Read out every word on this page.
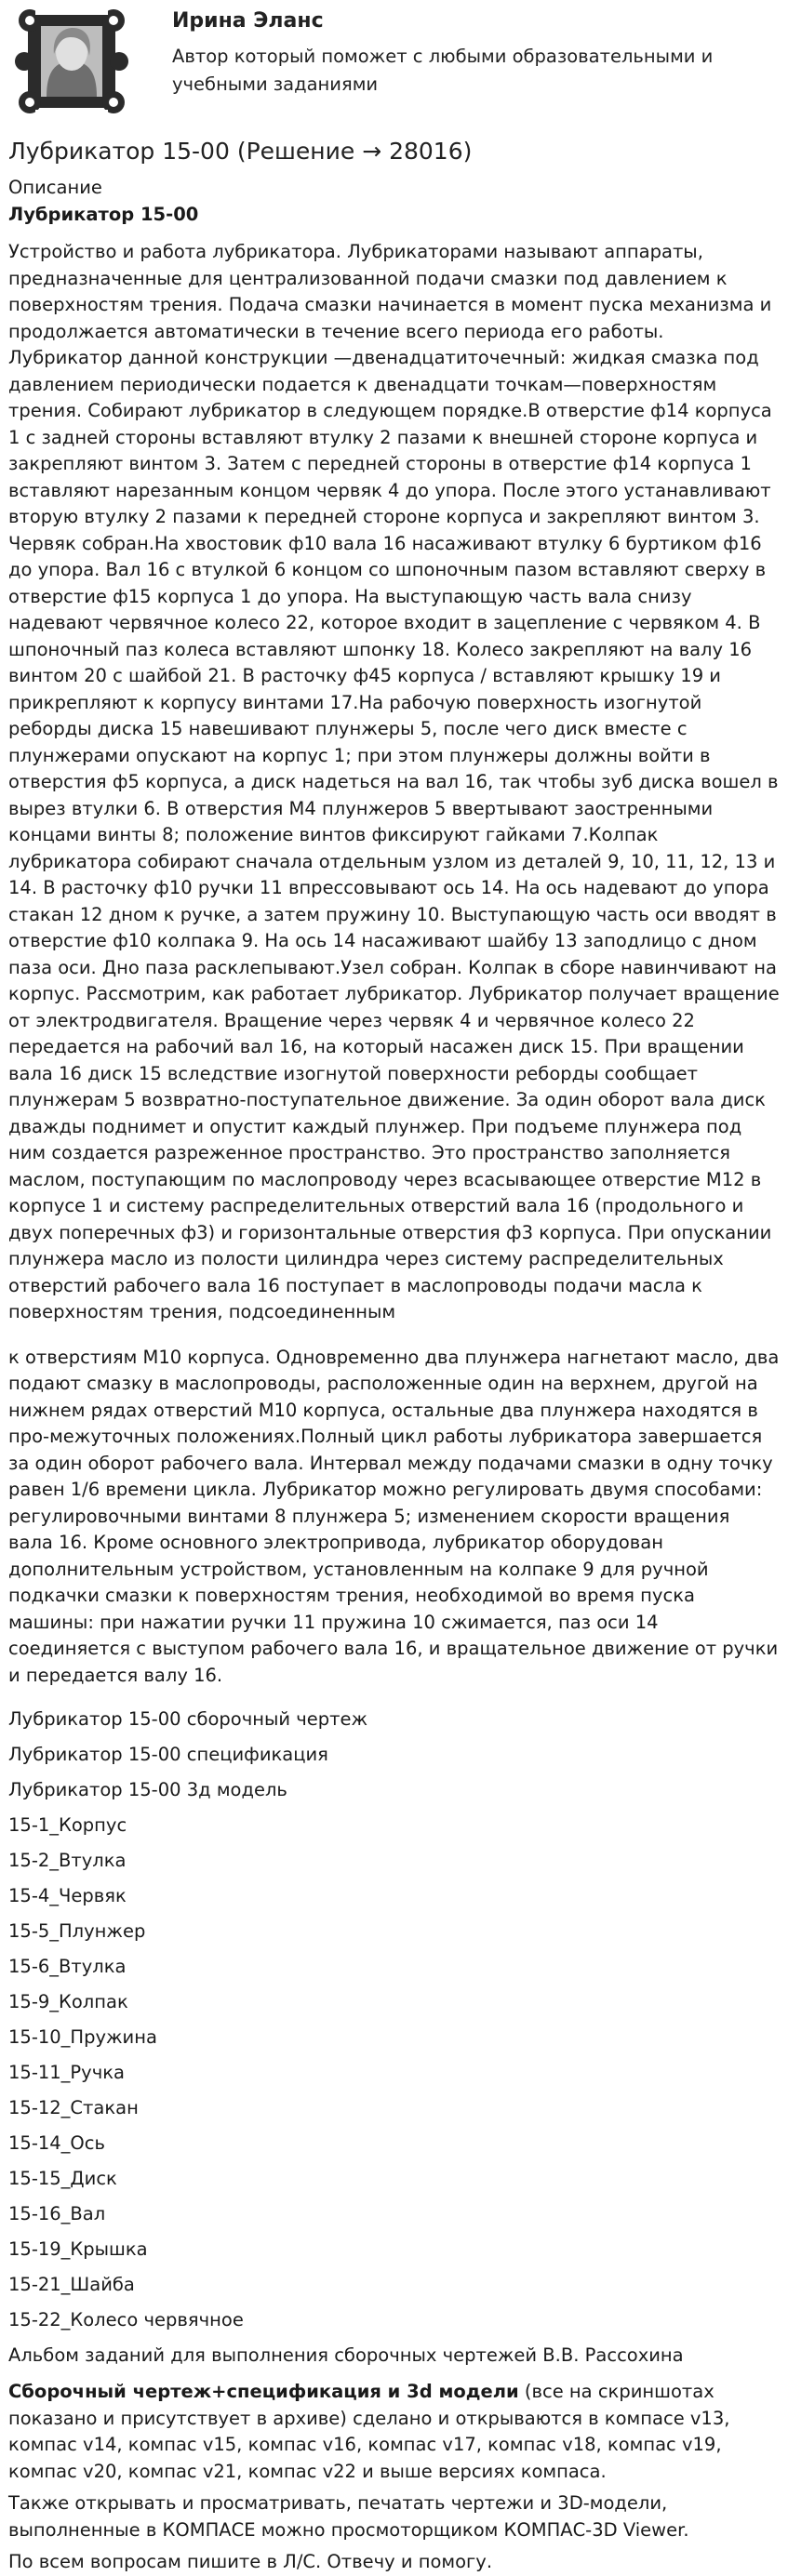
Ирина Эланс
Автор который поможет с любыми образовательными и учебными заданиями
Лубрикатор 15-00 (Решение → 28016)
Описание
Лубрикатор 15-00

Устройство и работа лубрикатора. Лубрикаторами называют аппараты, предназначенные для централизованной подачи смазки под давлением к поверхностям трения. Подача смазки начинается в момент пуска механизма и продолжается автоматически в течение всего периода его работы. Лубрикатор данной конструкции —двенадцатиточечный: жидкая смазка под давлением периодически подается к двенадцати точкам—поверхностям трения. Собирают лубрикатор в следующем порядке.В отверстие ф14 корпуса 1 с задней стороны вставляют втулку 2 пазами к внешней стороне корпуса и закрепляют винтом 3. Затем с передней стороны в отверстие ф14 корпуса 1 вставляют нарезанным концом червяк 4 до упора. После этого устанавливают вторую втулку 2 пазами к передней стороне корпуса и закрепляют винтом 3. Червяк собран.На хвостовик ф10 вала 16 насаживают втулку 6 буртиком ф16 до упора. Вал 16 с втулкой 6 концом со шпоночным пазом вставляют сверху в отверстие ф15 корпуса 1 до упора. На выступающую часть вала снизу надевают червячное колесо 22, которое входит в зацепление с червяком 4. В шпоночный паз колеса вставляют шпонку 18. Колесо закрепляют на валу 16 винтом 20 с шайбой 21. В расточку ф45 корпуса / вставляют крышку 19 и прикрепляют к корпусу винтами 17.На рабочую поверхность изогнутой реборды диска 15 навешивают плунжеры 5, после чего диск вместе с плунжерами опускают на корпус 1; при этом плунжеры должны войти в отверстия ф5 корпуса, а диск надеться на вал 16, так чтобы зуб диска вошел в вырез втулки 6. В отверстия М4 плунжеров 5 ввертывают заостренными концами винты 8; положение винтов фиксируют гайками 7.Колпак лубрикатора собирают сначала отдельным узлом из деталей 9, 10, 11, 12, 13 и 14. В расточку ф10 ручки 11 впрессовывают ось 14. На ось надевают до упора стакан 12 дном к ручке, а затем пружину 10. Выступающую часть оси вводят в отверстие ф10 колпака 9. На ось 14 насаживают шайбу 13 заподлицо с дном паза оси. Дно паза расклепывают.Узел собран. Колпак в сборе навинчивают на корпус. Рассмотрим, как работает лубрикатор. Лубрикатор получает вращение от электродвигателя. Вращение через червяк 4 и червячное колесо 22 передается на рабочий вал 16, на который насажен диск 15. При вращении вала 16 диск 15 вследствие изогнутой поверхности реборды сообщает плунжерам 5 возвратно-поступательное движение. За один оборот вала диск дважды поднимет и опустит каждый плунжер. При подъеме плунжера под ним создается разреженное пространство. Это пространство заполняется маслом, поступающим по маслопроводу через всасывающее отверстие М12 в корпусе 1 и систему распределительных отверстий вала 16 (продольного и двух поперечных ф3) и горизонтальные отверстия ф3 корпуса. При опускании плунжера масло из полости цилиндра через систему распределительных отверстий рабочего вала 16 поступает в маслопроводы подачи масла к поверхностям трения, подсоединенным

к отверстиям М10 корпуса. Одновременно два плунжера нагнетают масло, два подают смазку в маслопроводы, расположенные один на верхнем, другой на нижнем рядах отверстий М10 корпуса, остальные два плунжера находятся в про-межуточных положениях.Полный цикл работы лубрикатора завершается за один оборот рабочего вала. Интервал между подачами смазки в одну точку равен 1/6 времени цикла. Лубрикатор можно регулировать двумя способами: регулировочными винтами 8 плунжера 5; изменением скорости вращения вала 16. Кроме основного электропривода, лубрикатор оборудован дополнительным устройством, установленным на колпаке 9 для ручной подкачки смазки к поверхностям трения, необходимой во время пуска машины: при нажатии ручки 11 пружина 10 сжимается, паз оси 14 соединяется с выступом рабочего вала 16, и вращательное движение от ручки и передается валу 16.

Лубрикатор 15-00 сборочный чертеж
Лубрикатор 15-00 спецификация
Лубрикатор 15-00 3д модель
15-1_Корпус
15-2_Втулка
15-4_Червяк
15-5_Плунжер
15-6_Втулка
15-9_Колпак
15-10_Пружина
15-11_Ручка
15-12_Стакан
15-14_Ось
15-15_Диск
15-16_Вал
15-19_Крышка
15-21_Шайба
15-22_Колесо червячное
Альбом заданий для выполнения сборочных чертежей В.В. Рассохина

Сборочный чертеж+спецификация и 3d модели (все на скриншотах показано и присутствует в архиве) сделано и открываются в компасе v13, компас v14, компас v15, компас v16, компас v17, компас v18, компас v19, компас v20, компас v21, компас v22 и выше версиях компаса.

Также открывать и просматривать, печатать чертежи и 3D-модели, выполненные в КОМПАСЕ можно просмоторщиком КОМПАС-3D Viewer.

По всем вопросам пишите в Л/С. Отвечу и помогу.
